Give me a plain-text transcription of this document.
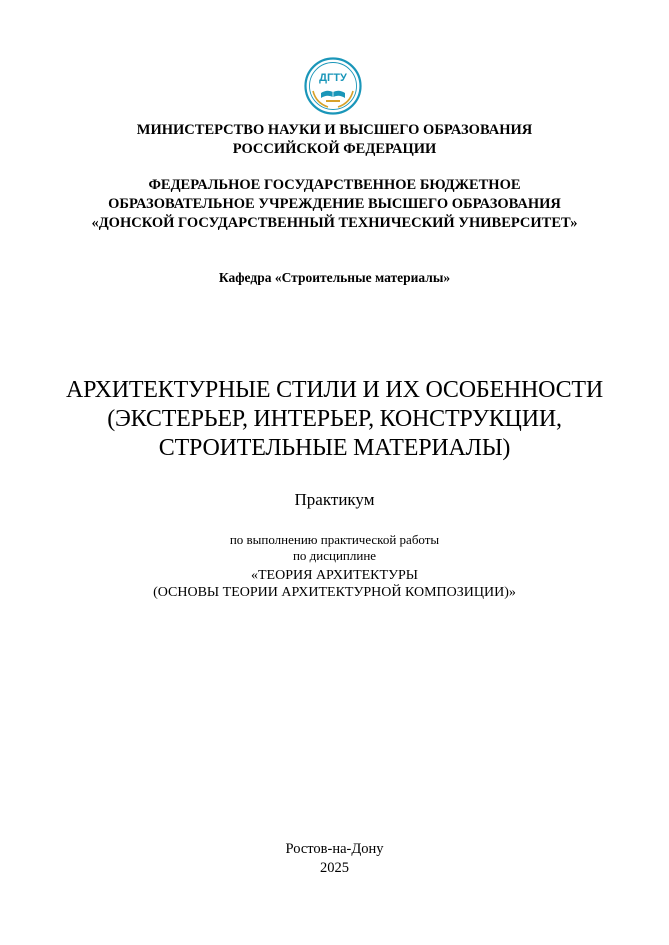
ДГТУ
МИНИСТЕРСТВО НАУКИ И ВЫСШЕГО ОБРАЗОВАНИЯ
РОССИЙСКОЙ ФЕДЕРАЦИИ
ФЕДЕРАЛЬНОЕ ГОСУДАРСТВЕННОЕ БЮДЖЕТНОЕ
ОБРАЗОВАТЕЛЬНОЕ УЧРЕЖДЕНИЕ ВЫСШЕГО ОБРАЗОВАНИЯ
«ДОНСКОЙ ГОСУДАРСТВЕННЫЙ ТЕХНИЧЕСКИЙ УНИВЕРСИТЕТ»
Кафедра «Строительные материалы»
АРХИТЕКТУРНЫЕ СТИЛИ И ИХ ОСОБЕННОСТИ
(ЭКСТЕРЬЕР, ИНТЕРЬЕР, КОНСТРУКЦИИ,
СТРОИТЕЛЬНЫЕ МАТЕРИАЛЫ)
Практикум
по выполнению практической работы
по дисциплине
«ТЕОРИЯ АРХИТЕКТУРЫ
(ОСНОВЫ ТЕОРИИ АРХИТЕКТУРНОЙ КОМПОЗИЦИИ)»
Ростов-на-Дону
2025
